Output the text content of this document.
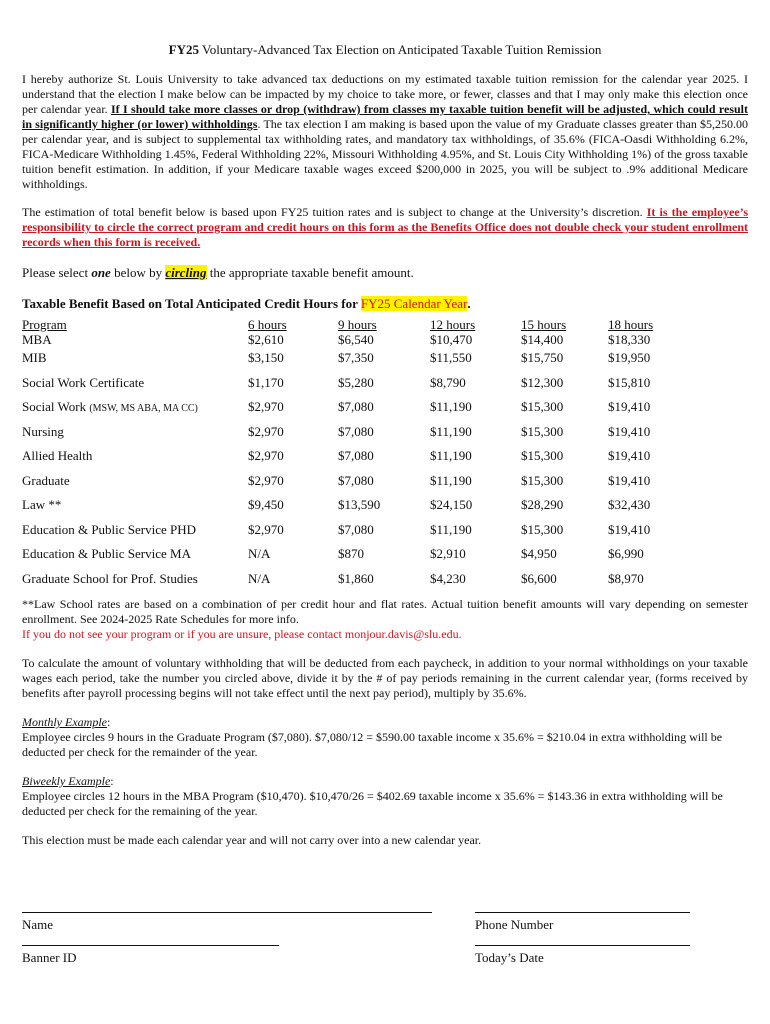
FY25 Voluntary-Advanced Tax Election on Anticipated Taxable Tuition Remission

I hereby authorize St. Louis University to take advanced tax deductions on my estimated taxable tuition remission for the calendar year 2025. I understand that the election I make below can be impacted by my choice to take more, or fewer, classes and that I may only make this election once per calendar year. If I should take more classes or drop (withdraw) from classes my taxable tuition benefit will be adjusted, which could result in significantly higher (or lower) withholdings. The tax election I am making is based upon the value of my Graduate classes greater than $5,250.00 per calendar year, and is subject to supplemental tax withholding rates, and mandatory tax withholdings, of 35.6% (FICA-Oasdi Withholding 6.2%, FICA-Medicare Withholding 1.45%, Federal Withholding 22%, Missouri Withholding 4.95%, and St. Louis City Withholding 1%) of the gross taxable tuition benefit estimation. In addition, if your Medicare taxable wages exceed $200,000 in 2025, you will be subject to .9% additional Medicare withholdings.

The estimation of total benefit below is based upon FY25 tuition rates and is subject to change at the University’s discretion. It is the employee’s responsibility to circle the correct program and credit hours on this form as the Benefits Office does not double check your student enrollment records when this form is received.

Please select one below by circling the appropriate taxable benefit amount.
Taxable Benefit Based on Total Anticipated Credit Hours for FY25 Calendar Year.
Program	6 hours	9 hours	12 hours	15 hours	18 hours
MBA	$2,610	$6,540	$10,470	$14,400	$18,330
MIB	$3,150	$7,350	$11,550	$15,750	$19,950
Social Work Certificate	$1,170	$5,280	$8,790	$12,300	$15,810
Social Work (MSW, MS ABA, MA CC)	$2,970	$7,080	$11,190	$15,300	$19,410
Nursing	$2,970	$7,080	$11,190	$15,300	$19,410
Allied Health	$2,970	$7,080	$11,190	$15,300	$19,410
Graduate	$2,970	$7,080	$11,190	$15,300	$19,410
Law **	$9,450	$13,590	$24,150	$28,290	$32,430
Education & Public Service PHD	$2,970	$7,080	$11,190	$15,300	$19,410
Education & Public Service MA	N/A	$870	$2,910	$4,950	$6,990
Graduate School for Prof. Studies	N/A	$1,860	$4,230	$6,600	$8,970

**Law School rates are based on a combination of per credit hour and flat rates. Actual tuition benefit amounts will vary depending on semester enrollment. See 2024-2025 Rate Schedules for more info.

If you do not see your program or if you are unsure, please contact monjour.davis@slu.edu.

To calculate the amount of voluntary withholding that will be deducted from each paycheck, in addition to your normal withholdings on your taxable wages each period, take the number you circled above, divide it by the # of pay periods remaining in the current calendar year, (forms received by benefits after payroll processing begins will not take effect until the next pay period), multiply by 35.6%.

Monthly Example:
Employee circles 9 hours in the Graduate Program ($7,080). $7,080/12 = $590.00 taxable income x 35.6% = $210.04 in extra withholding will be deducted per check for the remainder of the year.
Biweekly Example:
Employee circles 12 hours in the MBA Program ($10,470). $10,470/26 = $402.69 taxable income x 35.6% = $143.36 in extra withholding will be deducted per check for the remaining of the year.

This election must be made each calendar year and will not carry over into a new calendar year.

Name	Phone Number
Banner ID	Today’s Date
